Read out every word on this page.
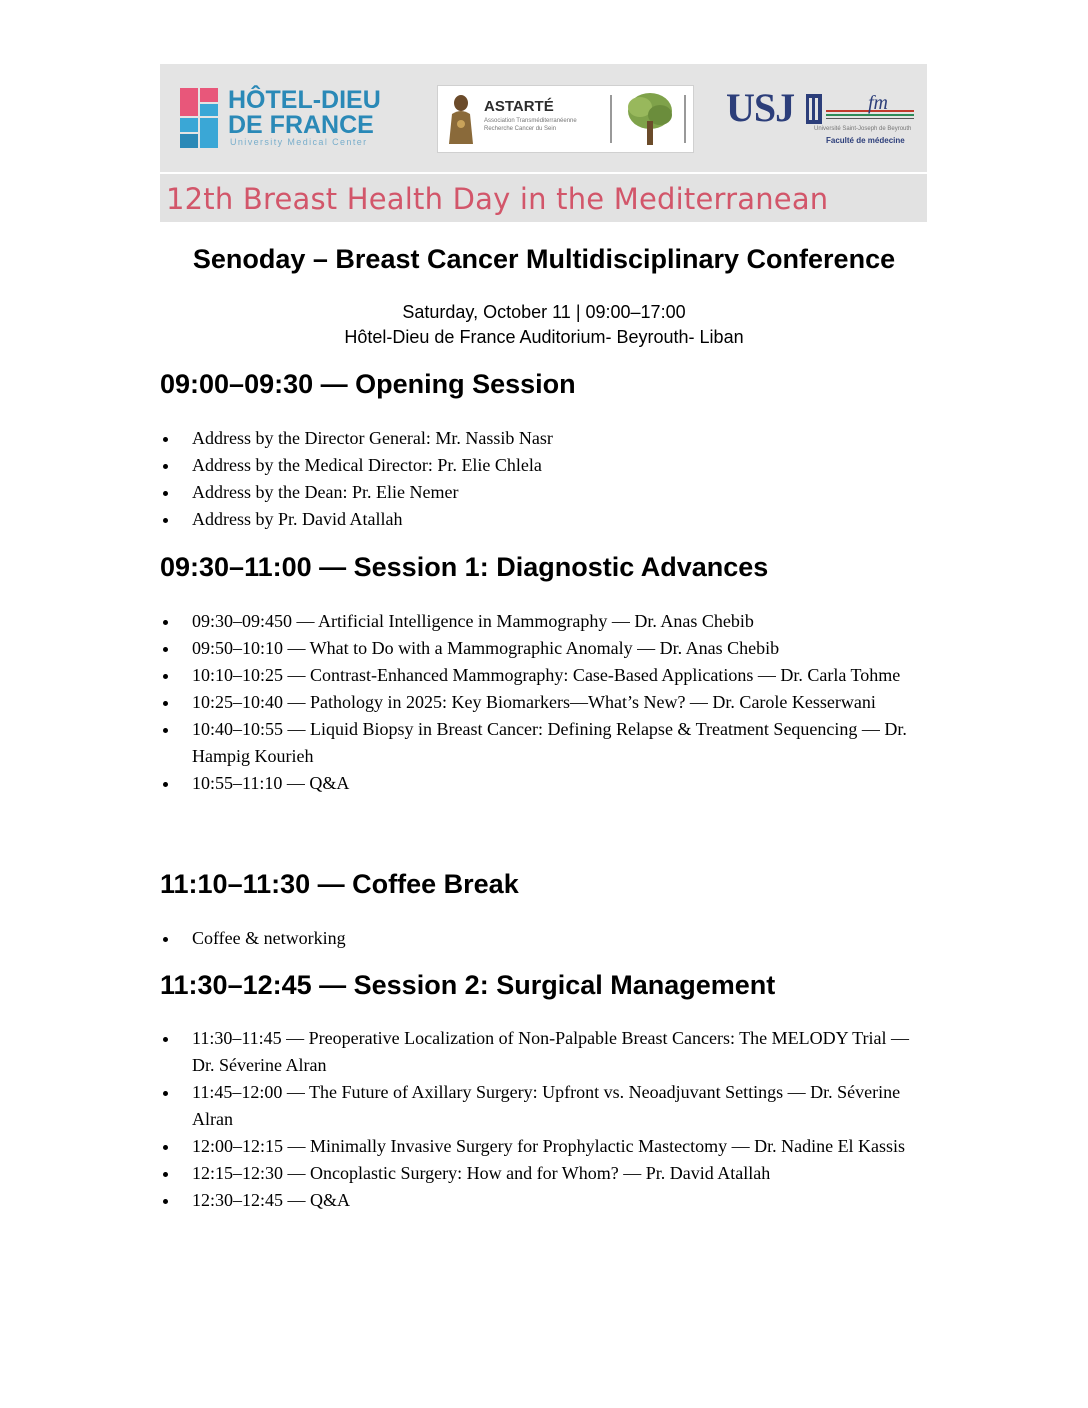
HÔTEL-DIEU
DE FRANCE
University Medical Center
ASTARTÉ
Association Transméditerranéenne Recherche Cancer du Sein	USJ	fm
Université Saint-Joseph de Beyrouth
Faculté de médecine
12th Breast Health Day in the Mediterranean
Senoday – Breast Cancer Multidisciplinary Conference
Saturday, October 11 | 09:00–17:00
Hôtel-Dieu de France Auditorium- Beyrouth- Liban
09:00–09:30 — Opening Session
Address by the Director General: Mr. Nassib Nasr
Address by the Medical Director: Pr. Elie Chlela
Address by the Dean: Pr. Elie Nemer
Address by Pr. David Atallah
09:30–11:00 — Session 1: Diagnostic Advances
09:30–09:450 — Artificial Intelligence in Mammography — Dr. Anas Chebib
09:50–10:10 — What to Do with a Mammographic Anomaly — Dr. Anas Chebib
10:10–10:25 — Contrast-Enhanced Mammography: Case-Based Applications — Dr. Carla Tohme
10:25–10:40 — Pathology in 2025: Key Biomarkers—What’s New? — Dr. Carole Kesserwani
10:40–10:55 — Liquid Biopsy in Breast Cancer: Defining Relapse & Treatment Sequencing — Dr. Hampig Kourieh
10:55–11:10 — Q&A
11:10–11:30 — Coffee Break
Coffee & networking
11:30–12:45 — Session 2: Surgical Management
11:30–11:45 — Preoperative Localization of Non-Palpable Breast Cancers: The MELODY Trial — Dr. Séverine Alran
11:45–12:00 — The Future of Axillary Surgery: Upfront vs. Neoadjuvant Settings — Dr. Séverine Alran
12:00–12:15 — Minimally Invasive Surgery for Prophylactic Mastectomy — Dr. Nadine El Kassis
12:15–12:30 — Oncoplastic Surgery: How and for Whom? — Pr. David Atallah
12:30–12:45 — Q&A
